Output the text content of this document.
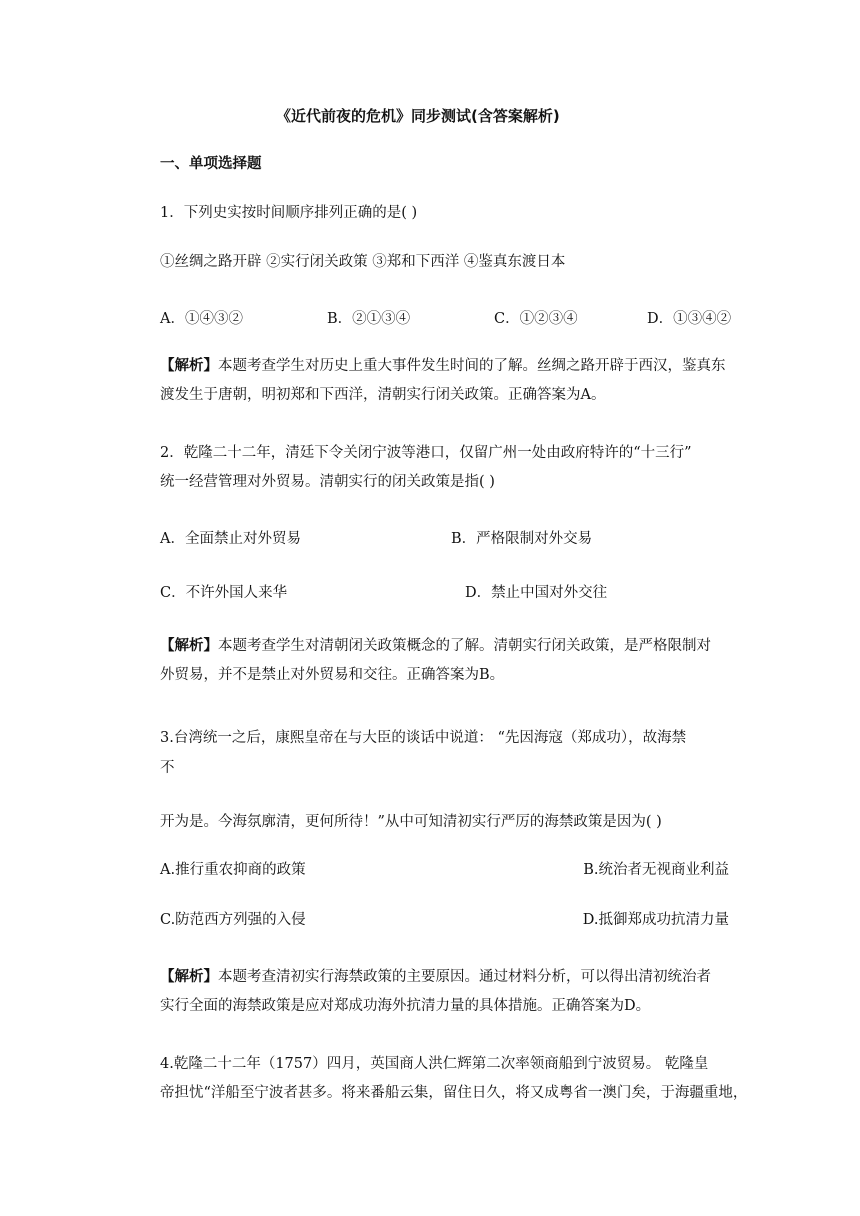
《近代前夜的危机》同步测试(含答案解析)
一、单项选择题
1．下列史实按时间顺序排列正确的是( )
①丝绸之路开辟 ②实行闭关政策 ③郑和下西洋 ④鉴真东渡日本
A．①④③②	B．②①③④	C．①②③④	D．①③④②
【解析】本题考查学生对历史上重大事件发生时间的了解。丝绸之路开辟于西汉，鉴真东
渡发生于唐朝，明初郑和下西洋，清朝实行闭关政策。正确答案为A。
2．乾隆二十二年，清廷下令关闭宁波等港口，仅留广州一处由政府特许的“十三行”
统一经营管理对外贸易。清朝实行的闭关政策是指( )
A．全面禁止对外贸易	B．严格限制对外交易
C．不许外国人来华	D．禁止中国对外交往
【解析】本题考查学生对清朝闭关政策概念的了解。清朝实行闭关政策，是严格限制对
外贸易，并不是禁止对外贸易和交往。正确答案为B。
3.台湾统一之后，康熙皇帝在与大臣的谈话中说道： “先因海寇（郑成功），故海禁
不
开为是。今海氛廓清，更何所待！”从中可知清初实行严厉的海禁政策是因为( )
A.推行重农抑商的政策	B.统治者无视商业利益
C.防范西方列强的入侵	D.抵御郑成功抗清力量
【解析】本题考查清初实行海禁政策的主要原因。通过材料分析，可以得出清初统治者
实行全面的海禁政策是应对郑成功海外抗清力量的具体措施。正确答案为D。
4.乾隆二十二年（1757）四月，英国商人洪仁辉第二次率领商船到宁波贸易。 乾隆皇
帝担忧“洋船至宁波者甚多。将来番船云集，留住日久，将又成粤省一澳门矣，于海疆重地，
